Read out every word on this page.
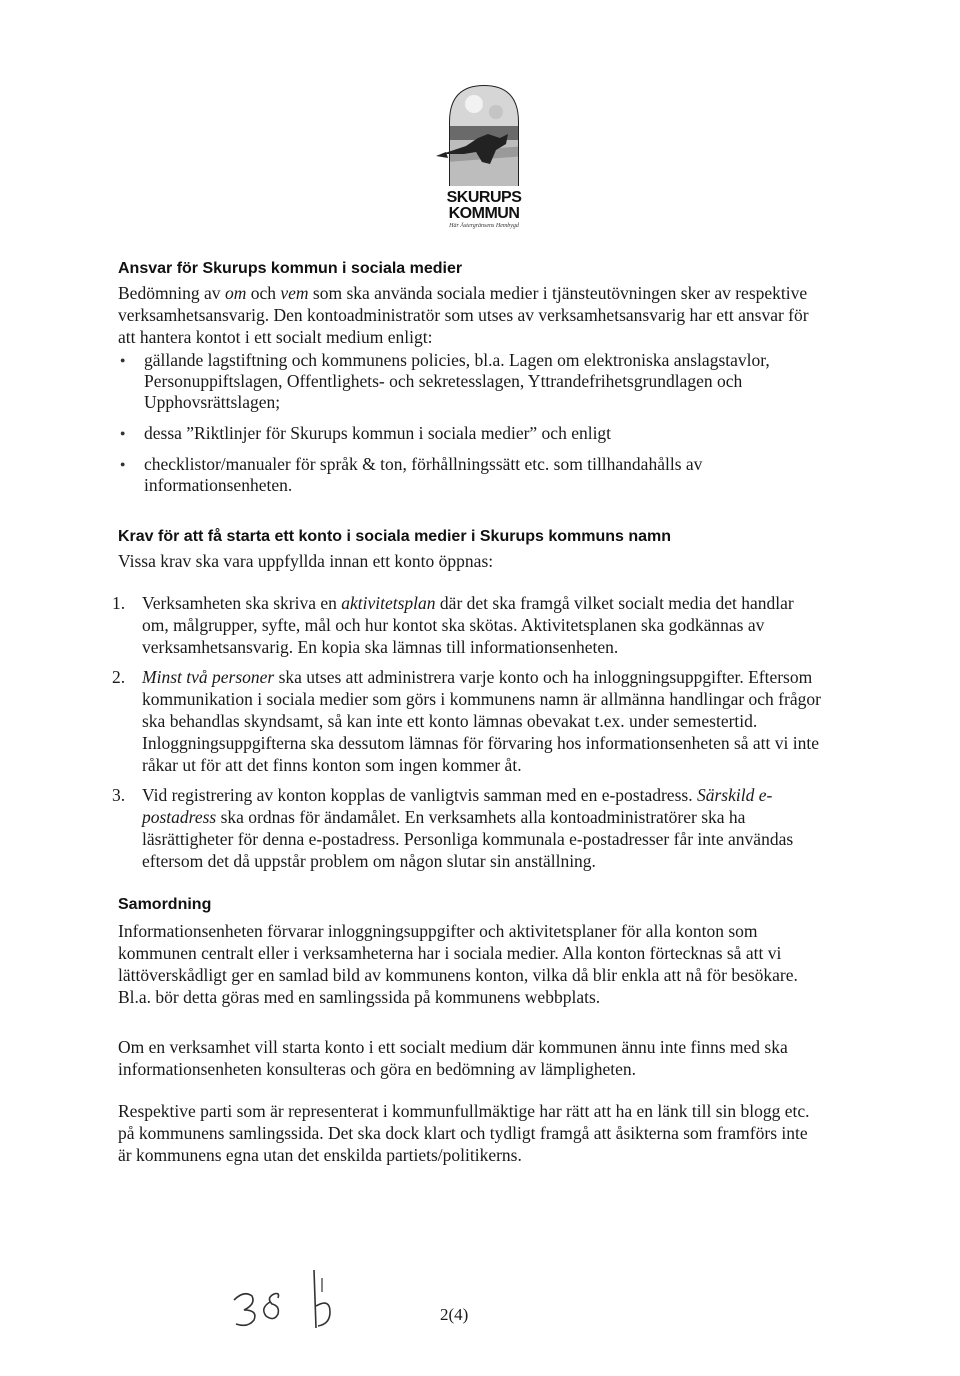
SKURUPS
KOMMUN
Här Ästergränsens Hembygd
Ansvar för Skurups kommun i sociala medier

Bedömning av om och vem som ska använda sociala medier i tjänsteutövningen sker av respektive verksamhetsansvarig. Den kontoadministratör som utses av verksamhetsansvarig har ett ansvar för att hantera kontot i ett socialt medium enligt:

● gällande lagstiftning och kommunens policies, bl.a. Lagen om elektroniska anslagstavlor, Personuppiftslagen, Offentlighets- och sekretesslagen, Yttrandefrihetsgrundlagen och Upphovsrättslagen;
● dessa ”Riktlinjer för Skurups kommun i sociala medier” och enligt
● checklistor/manualer för språk & ton, förhållningssätt etc. som tillhandahålls av informationsenheten.
Krav för att få starta ett konto i sociala medier i Skurups kommuns namn

Vissa krav ska vara uppfyllda innan ett konto öppnas:

1. Verksamheten ska skriva en aktivitetsplan där det ska framgå vilket socialt media det handlar om, målgrupper, syfte, mål och hur kontot ska skötas. Aktivitetsplanen ska godkännas av verksamhetsansvarig. En kopia ska lämnas till informationsenheten.
2. Minst två personer ska utses att administrera varje konto och ha inloggningsuppgifter. Eftersom kommunikation i sociala medier som görs i kommunens namn är allmänna handlingar och frågor ska behandlas skyndsamt, så kan inte ett konto lämnas obevakat t.ex. under semestertid. Inloggningsuppgifterna ska dessutom lämnas för förvaring hos informationsenheten så att vi inte råkar ut för att det finns konton som ingen kommer åt.
3. Vid registrering av konton kopplas de vanligtvis samman med en e-postadress. Särskild e-postadress ska ordnas för ändamålet. En verksamhets alla kontoadministratörer ska ha läsrättigheter för denna e-postadress. Personliga kommunala e-postadresser får inte användas eftersom det då uppstår problem om någon slutar sin anställning.
Samordning

Informationsenheten förvarar inloggningsuppgifter och aktivitetsplaner för alla konton som kommunen centralt eller i verksamheterna har i sociala medier. Alla konton förtecknas så att vi lättöverskådligt ger en samlad bild av kommunens konton, vilka då blir enkla att nå för besökare. Bl.a. bör detta göras med en samlingssida på kommunens webbplats.

Om en verksamhet vill starta konto i ett socialt medium där kommunen ännu inte finns med ska informationsenheten konsulteras och göra en bedömning av lämpligheten.

Respektive parti som är representerat i kommunfullmäktige har rätt att ha en länk till sin blogg etc. på kommunens samlingssida. Det ska dock klart och tydligt framgå att åsikterna som framförs inte är kommunens egna utan det enskilda partiets/politikerns.

2(4)
